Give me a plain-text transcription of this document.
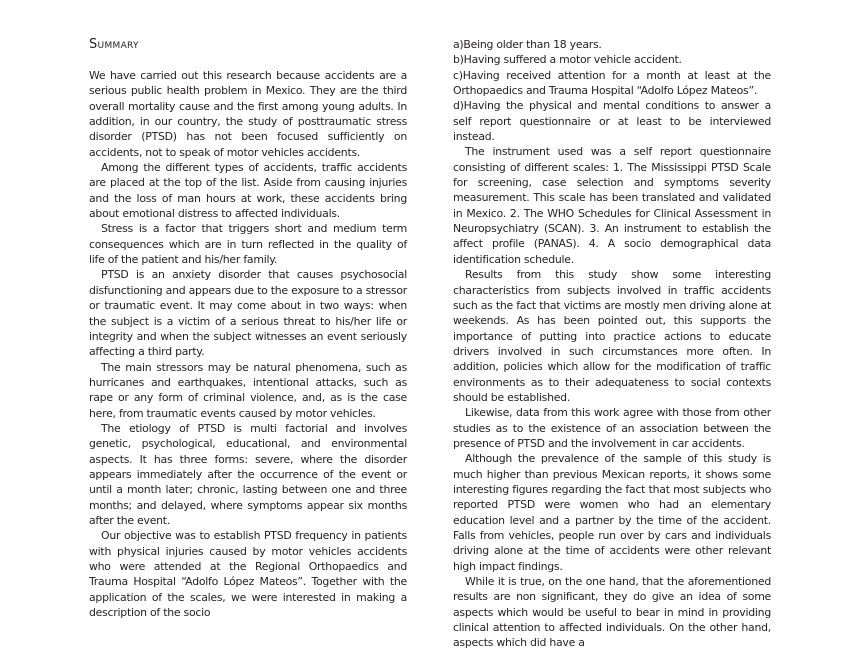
Summary

We have carried out this research because accidents are a serious public health problem in Mexico. They are the third overall mortality cause and the first among young adults. In addition, in our country, the study of posttraumatic stress disorder (PTSD) has not been focused sufficiently on accidents, not to speak of motor vehicles accidents.

Among the different types of accidents, traffic accidents are placed at the top of the list. Aside from causing injuries and the loss of man hours at work, these accidents bring about emotional distress to affected individuals.

Stress is a factor that triggers short and medium term consequences which are in turn reflected in the quality of life of the patient and his/her family.

PTSD is an anxiety disorder that causes psychosocial disfunctioning and appears due to the exposure to a stressor or traumatic event. It may come about in two ways: when the subject is a victim of a serious threat to his/her life or integrity and when the subject witnesses an event seriously affecting a third party.

The main stressors may be natural phenomena, such as hurricanes and earthquakes, intentional attacks, such as rape or any form of criminal violence, and, as is the case here, from traumatic events caused by motor vehicles.

The etiology of PTSD is multi factorial and involves genetic, psychological, educational, and environmental aspects. It has three forms: severe, where the disorder appears immediately after the occurrence of the event or until a month later; chronic, lasting between one and three months; and delayed, where symptoms appear six months after the event.

Our objective was to establish PTSD frequency in patients with physical injuries caused by motor vehicles accidents who were attended at the Regional Orthopaedics and Trauma Hospital “Adolfo López Mateos”. Together with the application of the scales, we were interested in making a description of the socio

a)Being older than 18 years.

b)Having suffered a motor vehicle accident.

c)Having received attention for a month at least at the Orthopaedics and Trauma Hospital “Adolfo López Mateos”.

d)Having the physical and mental conditions to answer a self report questionnaire or at least to be interviewed instead.

The instrument used was a self report questionnaire consisting of different scales: 1. The Mississippi PTSD Scale for screening, case selection and symptoms severity measurement. This scale has been translated and validated in Mexico. 2. The WHO Schedules for Clinical Assessment in Neuropsychiatry (SCAN). 3. An instrument to establish the affect profile (PANAS). 4. A socio demographical data identification schedule.

Results from this study show some interesting characteristics from subjects involved in traffic accidents such as the fact that victims are mostly men driving alone at weekends. As has been pointed out, this supports the importance of putting into practice actions to educate drivers involved in such circumstances more often. In addition, policies which allow for the modification of traffic environments as to their adequateness to social contexts should be established.

Likewise, data from this work agree with those from other studies as to the existence of an association between the presence of PTSD and the involvement in car accidents.

Although the prevalence of the sample of this study is much higher than previous Mexican reports, it shows some interesting figures regarding the fact that most subjects who reported PTSD were women who had an elementary education level and a partner by the time of the accident. Falls from vehicles, people run over by cars and individuals driving alone at the time of accidents were other relevant high impact findings.

While it is true, on the one hand, that the aforementioned results are non significant, they do give an idea of some aspects which would be useful to bear in mind in providing clinical attention to affected individuals. On the other hand, aspects which did have a
